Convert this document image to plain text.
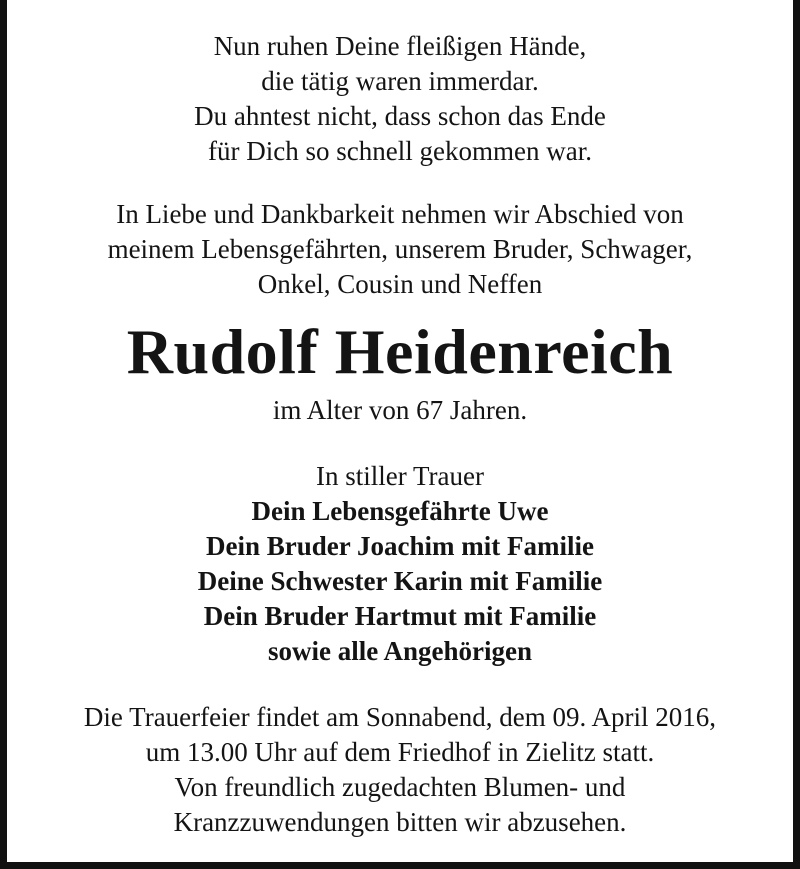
Nun ruhen Deine fleißigen Hände,

die tätig waren immerdar.

Du ahntest nicht, dass schon das Ende

für Dich so schnell gekommen war.

In Liebe und Dankbarkeit nehmen wir Abschied von

meinem Lebensgefährten, unserem Bruder, Schwager,

Onkel, Cousin und Neffen

Rudolf Heidenreich

im Alter von 67 Jahren.

In stiller Trauer

Dein Lebensgefährte Uwe

Dein Bruder Joachim mit Familie

Deine Schwester Karin mit Familie

Dein Bruder Hartmut mit Familie

sowie alle Angehörigen

Die Trauerfeier findet am Sonnabend, dem 09. April 2016,

um 13.00 Uhr auf dem Friedhof in Zielitz statt.

Von freundlich zugedachten Blumen- und

Kranzzuwendungen bitten wir abzusehen.
